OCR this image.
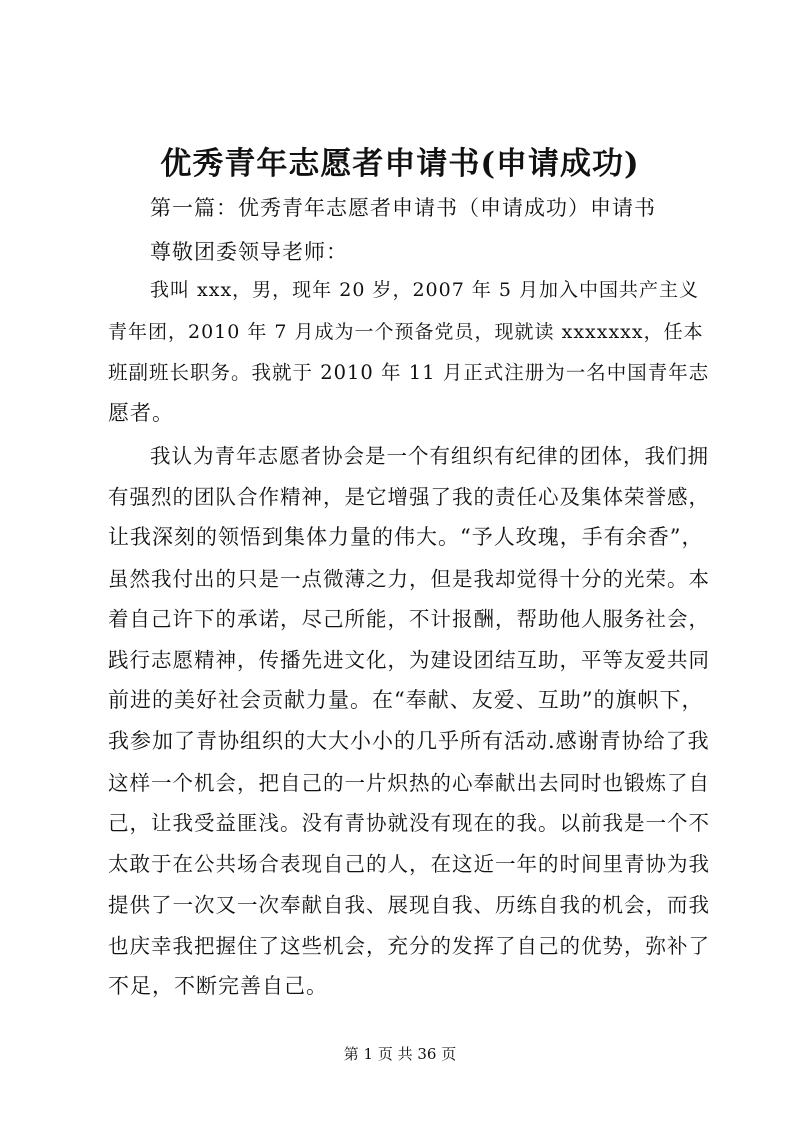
优秀青年志愿者申请书(申请成功)
第一篇：优秀青年志愿者申请书（申请成功）申请书
尊敬团委领导老师：
我叫 xxx，男，现年 20 岁，2007 年 5 月加入中国共产主义
青年团，2010 年 7 月成为一个预备党员，现就读 xxxxxxx，任本
班副班长职务。我就于 2010 年 11 月正式注册为一名中国青年志
愿者。
我认为青年志愿者协会是一个有组织有纪律的团体，我们拥
有强烈的团队合作精神，是它增强了我的责任心及集体荣誉感，
让我深刻的领悟到集体力量的伟大。“予人玫瑰，手有余香”，
虽然我付出的只是一点微薄之力，但是我却觉得十分的光荣。本
着自己许下的承诺，尽己所能，不计报酬，帮助他人服务社会，
践行志愿精神，传播先进文化，为建设团结互助，平等友爱共同
前进的美好社会贡献力量。在“奉献、友爱、互助”的旗帜下，
我参加了青协组织的大大小小的几乎所有活动.感谢青协给了我
这样一个机会，把自己的一片炽热的心奉献出去同时也锻炼了自
己，让我受益匪浅。没有青协就没有现在的我。以前我是一个不
太敢于在公共场合表现自己的人，在这近一年的时间里青协为我
提供了一次又一次奉献自我、展现自我、历练自我的机会，而我
也庆幸我把握住了这些机会，充分的发挥了自己的优势，弥补了
不足，不断完善自己。
第 1 页 共 36 页
